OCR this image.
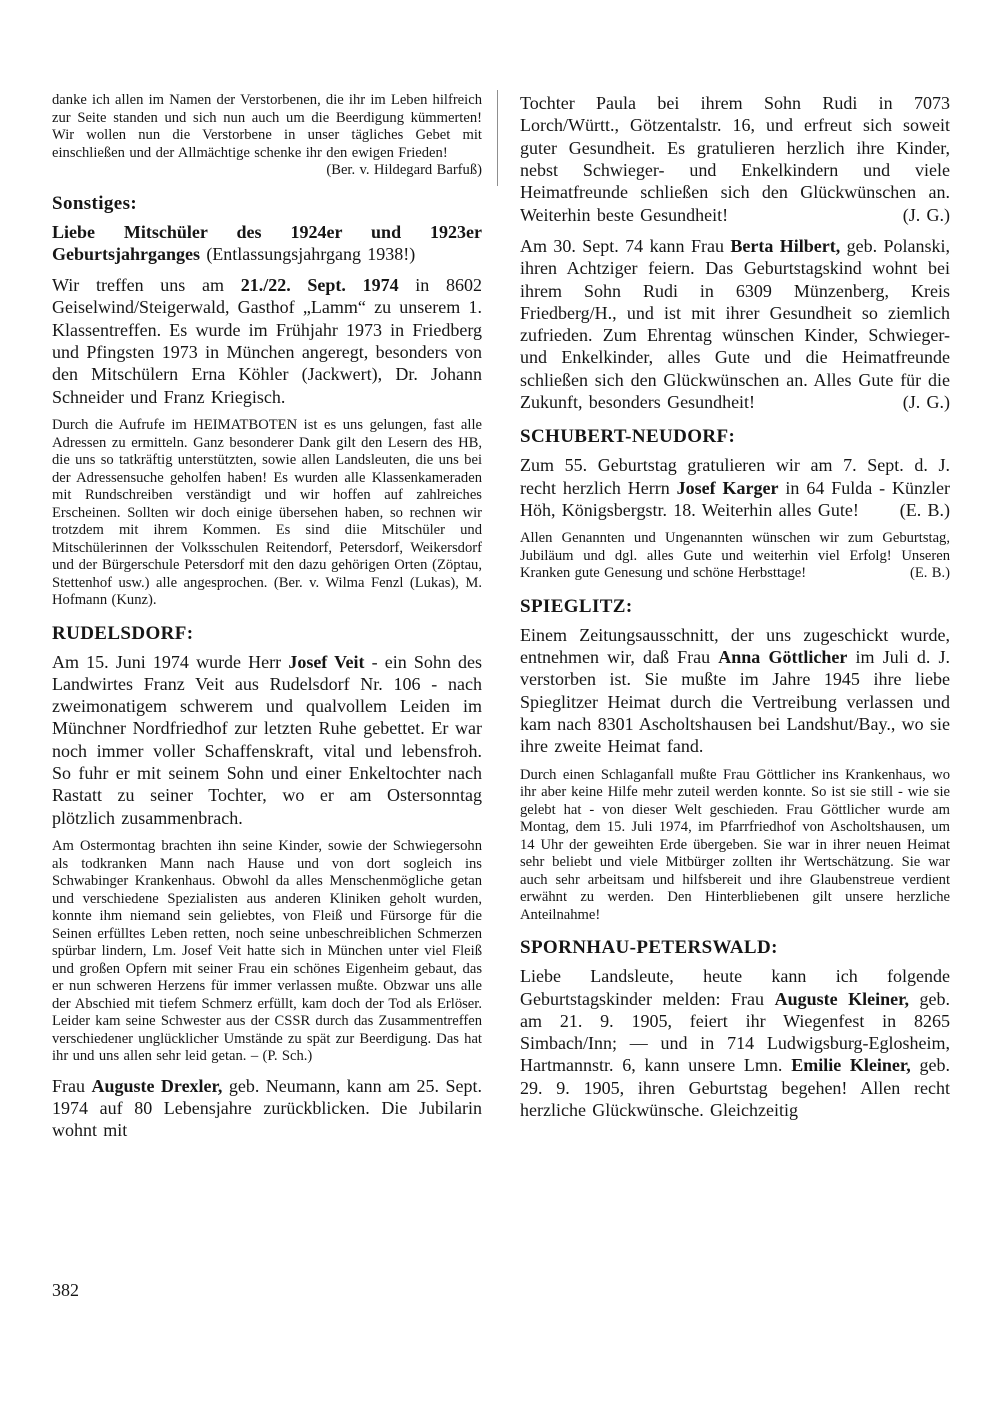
danke ich allen im Namen der Verstorbenen, die ihr im Leben hilfreich zur Seite standen und sich nun auch um die Beerdigung kümmerten! Wir wollen nun die Verstorbene in unser tägliches Gebet mit einschließen und der Allmächtige schenke ihr den ewigen Frieden!
(Ber. v. Hildegard Barfuß)

Sonstiges:

Liebe Mitschüler des 1924er und 1923er Geburtsjahrganges (Entlassungsjahrgang 1938!)

Wir treffen uns am 21./22. Sept. 1974 in 8602 Geiselwind/Steigerwald, Gasthof „Lamm“ zu unserem 1. Klassentreffen. Es wurde im Frühjahr 1973 in Friedberg und Pfingsten 1973 in München angeregt, besonders von den Mitschülern Erna Köhler (Jackwert), Dr. Johann Schneider und Franz Kriegisch.

Durch die Aufrufe im HEIMATBOTEN ist es uns gelungen, fast alle Adressen zu ermitteln. Ganz besonderer Dank gilt den Lesern des HB, die uns so tatkräftig unterstützten, sowie allen Landsleuten, die uns bei der Adressensuche geholfen haben! Es wurden alle Klassenkameraden mit Rundschreiben verständigt und wir hoffen auf zahlreiches Erscheinen. Sollten wir doch einige übersehen haben, so rechnen wir trotzdem mit ihrem Kommen. Es sind diie Mitschüler und Mitschülerinnen der Volksschulen Reitendorf, Petersdorf, Weikersdorf und der Bürgerschule Petersdorf mit den dazu gehörigen Orten (Zöptau, Stettenhof usw.) alle angesprochen. (Ber. v. Wilma Fenzl (Lukas), M. Hofmann (Kunz).

RUDELSDORF:

Am 15. Juni 1974 wurde Herr Josef Veit - ein Sohn des Landwirtes Franz Veit aus Rudelsdorf Nr. 106 - nach zweimonatigem schwerem und qualvollem Leiden im Münchner Nordfriedhof zur letzten Ruhe gebettet. Er war noch immer voller Schaffenskraft, vital und lebensfroh. So fuhr er mit seinem Sohn und einer Enkeltochter nach Rastatt zu seiner Tochter, wo er am Ostersonntag plötzlich zusammenbrach.

Am Ostermontag brachten ihn seine Kinder, sowie der Schwiegersohn als todkranken Mann nach Hause und von dort sogleich ins Schwabinger Krankenhaus. Obwohl da alles Menschenmögliche getan und verschiedene Spezialisten aus anderen Kliniken geholt wurden, konnte ihm niemand sein geliebtes, von Fleiß und Fürsorge für die Seinen erfülltes Leben retten, noch seine unbeschreiblichen Schmerzen spürbar lindern, Lm. Josef Veit hatte sich in München unter viel Fleiß und großen Opfern mit seiner Frau ein schönes Eigenheim gebaut, das er nun schweren Herzens für immer verlassen mußte. Obzwar uns alle der Abschied mit tiefem Schmerz erfüllt, kam doch der Tod als Erlöser. Leider kam seine Schwester aus der CSSR durch das Zusammentreffen verschiedener unglücklicher Umstände zu spät zur Beerdigung. Das hat ihr und uns allen sehr leid getan. – (P. Sch.)

Frau Auguste Drexler, geb. Neumann, kann am 25. Sept. 1974 auf 80 Lebensjahre zurückblicken. Die Jubilarin wohnt mit

Tochter Paula bei ihrem Sohn Rudi in 7073 Lorch/Württ., Götzentalstr. 16, und erfreut sich soweit guter Gesundheit. Es gratulieren herzlich ihre Kinder, nebst Schwieger- und Enkelkindern und viele Heimatfreunde schließen sich den Glückwünschen an. Weiterhin beste Gesundheit!	(J. G.)

Am 30. Sept. 74 kann Frau Berta Hilbert, geb. Polanski, ihren Achtziger feiern. Das Geburtstagskind wohnt bei ihrem Sohn Rudi in 6309 Münzenberg, Kreis Friedberg/H., und ist mit ihrer Gesundheit so ziemlich zufrieden. Zum Ehrentag wünschen Kinder, Schwieger- und Enkelkinder, alles Gute und die Heimatfreunde schließen sich den Glückwünschen an. Alles Gute für die Zukunft, besonders Gesundheit!	(J. G.)

SCHUBERT-NEUDORF:

Zum 55. Geburtstag gratulieren wir am 7. Sept. d. J. recht herzlich Herrn Josef Karger in 64 Fulda - Künzler Höh, Königsbergstr. 18. Weiterhin alles Gute!	(E. B.)

Allen Genannten und Ungenannten wünschen wir zum Geburtstag, Jubiläum und dgl. alles Gute und weiterhin viel Erfolg! Unseren Kranken gute Genesung und schöne Herbsttage!	(E. B.)

SPIEGLITZ:

Einem Zeitungsausschnitt, der uns zugeschickt wurde, entnehmen wir, daß Frau Anna Göttlicher im Juli d. J. verstorben ist. Sie mußte im Jahre 1945 ihre liebe Spieglitzer Heimat durch die Vertreibung verlassen und kam nach 8301 Ascholtshausen bei Landshut/Bay., wo sie ihre zweite Heimat fand.

Durch einen Schlaganfall mußte Frau Göttlicher ins Krankenhaus, wo ihr aber keine Hilfe mehr zuteil werden konnte. So ist sie still - wie sie gelebt hat - von dieser Welt geschieden. Frau Göttlicher wurde am Montag, dem 15. Juli 1974, im Pfarrfriedhof von Ascholtshausen, um 14 Uhr der geweihten Erde übergeben. Sie war in ihrer neuen Heimat sehr beliebt und viele Mitbürger zollten ihr Wertschätzung. Sie war auch sehr arbeitsam und hilfsbereit und ihre Glaubenstreue verdient erwähnt zu werden. Den Hinterbliebenen gilt unsere herzliche Anteilnahme!

SPORNHAU-PETERSWALD:

Liebe Landsleute, heute kann ich folgende Geburtstagskinder melden: Frau Auguste Kleiner, geb. am 21. 9. 1905, feiert ihr Wiegenfest in 8265 Simbach/Inn; — und in 714 Ludwigsburg-Eglosheim, Hartmannstr. 6, kann unsere Lmn. Emilie Kleiner, geb. 29. 9. 1905, ihren Geburtstag begehen! Allen recht herzliche Glückwünsche. Gleichzeitig

382
